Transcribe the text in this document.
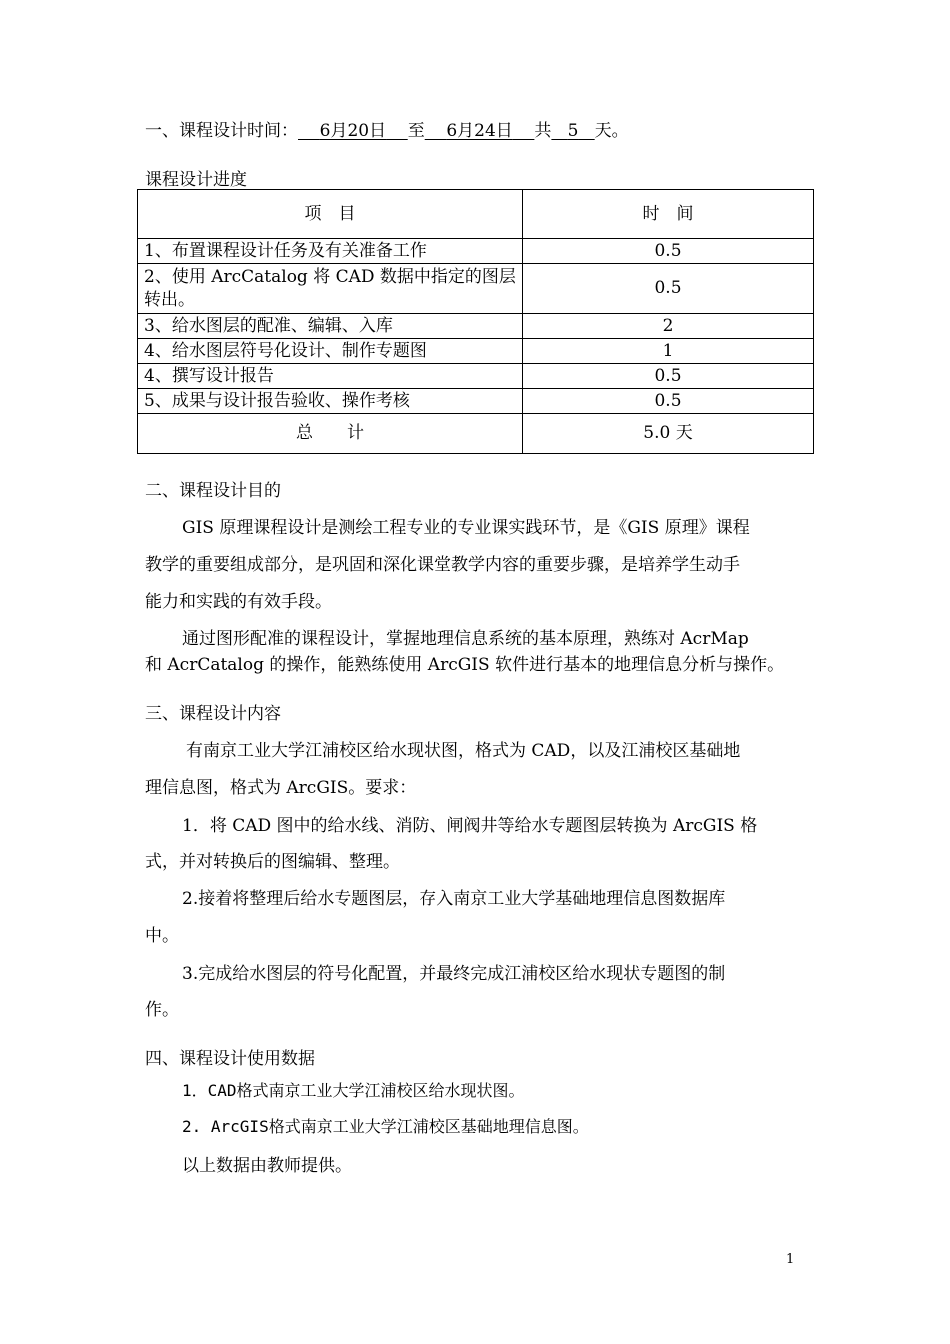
一、课程设计时间： 6月20日 至 6月24日 共 5 天。
课程设计进度
项　目	时　间
1、布置课程设计任务及有关准备工作	0.5
2、使用 ArcCatalog 将 CAD 数据中指定的图层转出。	0.5
3、给水图层的配准、编辑、入库	2
4、给水图层符号化设计、制作专题图	1
4、撰写设计报告	0.5
5、成果与设计报告验收、操作考核	0.5
总　　计	5.0 天
二、课程设计目的
GIS 原理课程设计是测绘工程专业的专业课实践环节，是《GIS 原理》课程
教学的重要组成部分，是巩固和深化课堂教学内容的重要步骤，是培养学生动手
能力和实践的有效手段。
通过图形配准的课程设计，掌握地理信息系统的基本原理，熟练对 AcrMap
和 AcrCatalog 的操作，能熟练使用 ArcGIS 软件进行基本的地理信息分析与操作。
三、课程设计内容
有南京工业大学江浦校区给水现状图，格式为 CAD，以及江浦校区基础地
理信息图，格式为 ArcGIS。要求：
1．将 CAD 图中的给水线、消防、闸阀井等给水专题图层转换为 ArcGIS 格
式，并对转换后的图编辑、整理。
2.接着将整理后给水专题图层，存入南京工业大学基础地理信息图数据库
中。
3.完成给水图层的符号化配置，并最终完成江浦校区给水现状专题图的制
作。
四、课程设计使用数据
1．CAD格式南京工业大学江浦校区给水现状图。
2. ArcGIS格式南京工业大学江浦校区基础地理信息图。
以上数据由教师提供。
1
